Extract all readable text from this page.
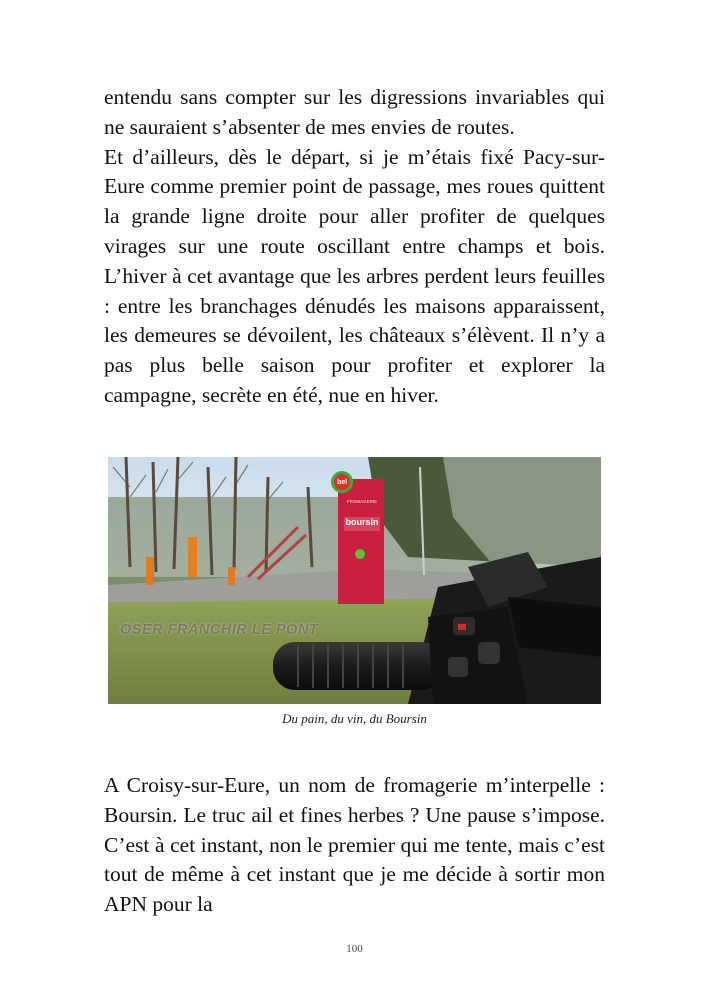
entendu sans compter sur les digressions invariables qui ne sauraient s’absenter de mes envies de routes.

Et d’ailleurs, dès le départ, si je m’étais fixé Pacy-sur-Eure comme premier point de passage, mes roues quittent la grande ligne droite pour aller profiter de quelques virages sur une route oscillant entre champs et bois. L’hiver à cet avantage que les arbres perdent leurs feuilles : entre les branchages dénudés les maisons apparaissent, les demeures se dévoilent, les châteaux s’élèvent. Il n’y a pas plus belle saison pour profiter et explorer la campagne, secrète en été, nue en hiver.

bel
FROMAGERIE
boursin
OSER FRANCHIR LE PONT
Du pain, du vin, du Boursin

A Croisy-sur-Eure, un nom de fromagerie m’interpelle : Boursin. Le truc ail et fines herbes ? Une pause s’impose. C’est à cet instant, non le premier qui me tente, mais c’est tout de même à cet instant que je me décide à sortir mon APN pour la

100
